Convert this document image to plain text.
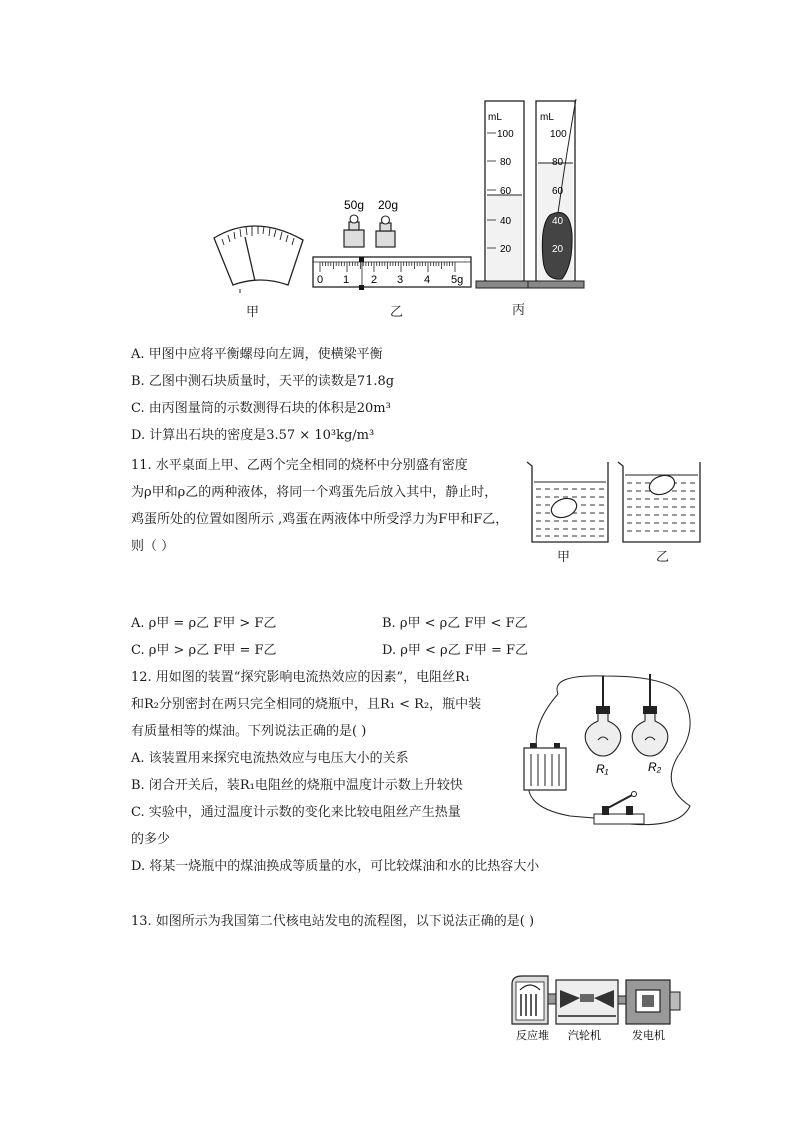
50g 20g
0 1 2 3 4 5g
mL
100
80
60
40
20
mL
100
80
60
40
20
甲	乙	丙
A. 甲图中应将平衡螺母向左调，使横梁平衡
B. 乙图中测石块质量时，天平的读数是71.8g
C. 由丙图量筒的示数测得石块的体积是20m³
D. 计算出石块的密度是3.57 × 10³kg/m³
11. 水平桌面上甲、乙两个完全相同的烧杯中分别盛有密度
为ρ甲和ρ乙的两种液体，将同一个鸡蛋先后放入其中，静止时，
鸡蛋所处的位置如图所示 ,鸡蛋在两液体中所受浮力为F甲和F乙，
则（ ）
甲	乙
A. ρ甲 = ρ乙 F甲 > F乙	B. ρ甲 < ρ乙 F甲 < F乙
C. ρ甲 > ρ乙 F甲 = F乙	D. ρ甲 < ρ乙 F甲 = F乙
12. 用如图的装置“探究影响电流热效应的因素”，电阻丝R₁
和R₂分别密封在两只完全相同的烧瓶中，且R₁ < R₂，瓶中装
有质量相等的煤油。下列说法正确的是( )
A. 该装置用来探究电流热效应与电压大小的关系
B. 闭合开关后，装R₁电阻丝的烧瓶中温度计示数上升较快
C. 实验中，通过温度计示数的变化来比较电阻丝产生热量
的多少
D. 将某一烧瓶中的煤油换成等质量的水，可比较煤油和水的比热容大小
R₁	R₂
13. 如图所示为我国第二代核电站发电的流程图，以下说法正确的是( )
反应堆 汽轮机	发电机
